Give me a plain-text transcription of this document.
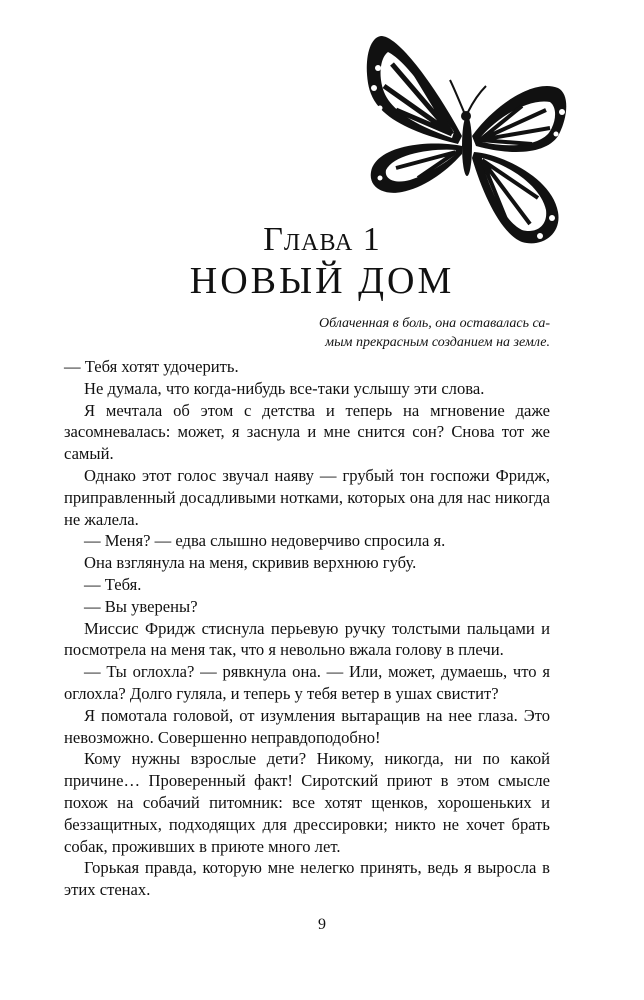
Глава 1
НОВЫЙ ДОМ
Облаченная в боль, она оставалась са-
мым прекрасным созданием на земле.

— Тебя хотят удочерить.

Не думала, что когда-нибудь все-таки услышу эти слова.

Я мечтала об этом с детства и теперь на мгновение даже засомневалась: может, я заснула и мне снится сон? Снова тот же самый.

Однако этот голос звучал наяву — грубый тон госпожи Фридж, приправленный досадливыми нотками, которых она для нас никогда не жалела.

— Меня? — едва слышно недоверчиво спросила я.

Она взглянула на меня, скривив верхнюю губу.

— Тебя.

— Вы уверены?

Миссис Фридж стиснула перьевую ручку толстыми пальцами и посмотрела на меня так, что я невольно вжала голову в плечи.

— Ты оглохла? — рявкнула она. — Или, может, думаешь, что я оглохла? Долго гуляла, и теперь у тебя ветер в ушах свистит?

Я помотала головой, от изумления вытаращив на нее глаза. Это невозможно. Совершенно неправдоподобно!

Кому нужны взрослые дети? Никому, никогда, ни по какой причине… Проверенный факт! Сиротский приют в этом смысле похож на собачий питомник: все хотят щенков, хорошеньких и беззащитных, подходящих для дрессировки; никто не хочет брать собак, проживших в приюте много лет.

Горькая правда, которую мне нелегко принять, ведь я выросла в этих стенах.

9
